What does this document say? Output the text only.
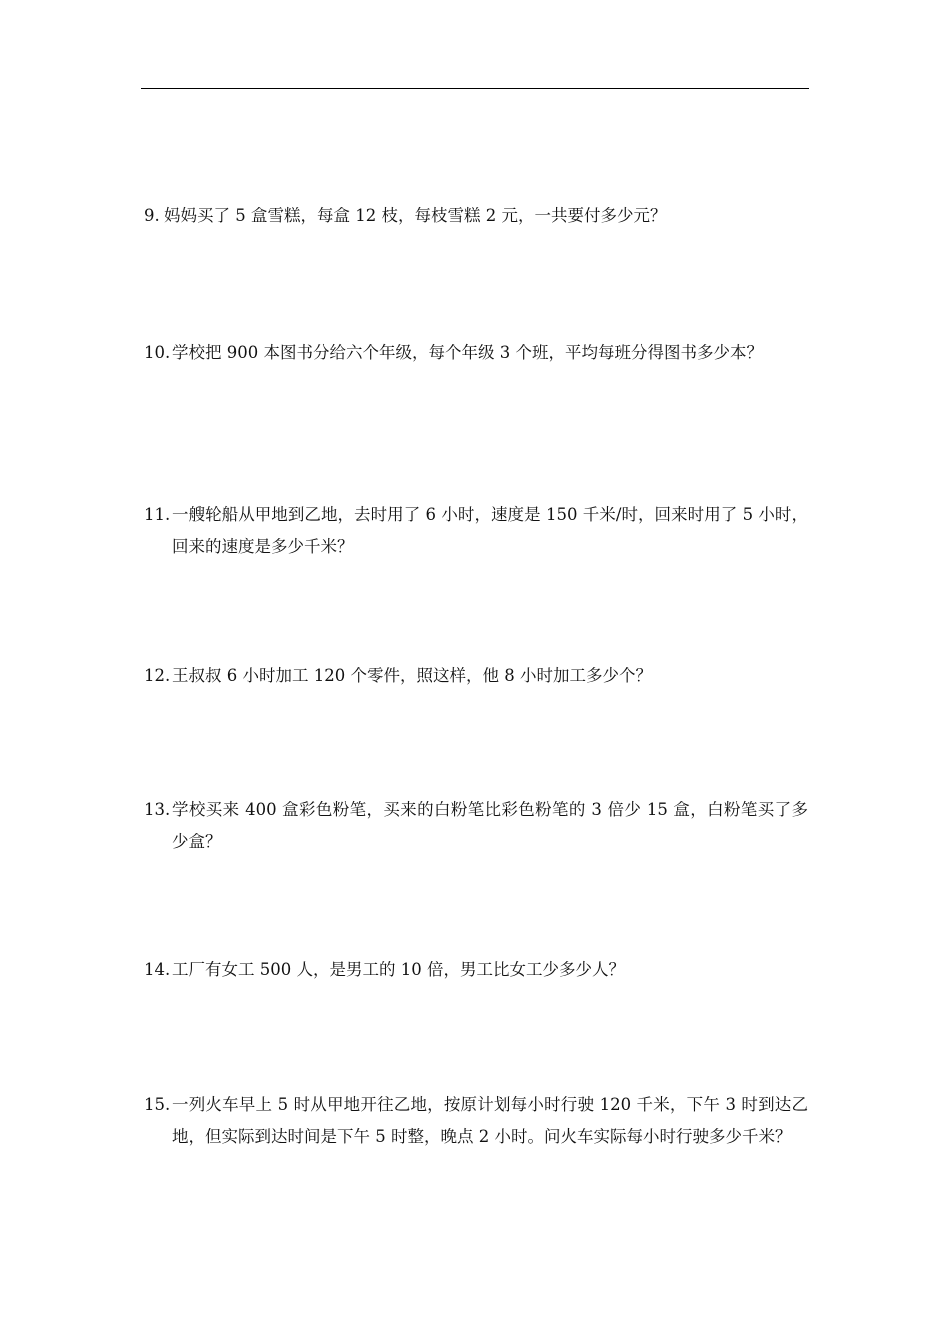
9. 妈妈买了 5 盒雪糕，每盒 12 枝，每枝雪糕 2 元，一共要付多少元？
10. 学校把 900 本图书分给六个年级，每个年级 3 个班，平均每班分得图书多少本？
11. 一艘轮船从甲地到乙地，去时用了 6 小时，速度是 150 千米/时，回来时用了 5 小时，回来的速度是多少千米？
12. 王叔叔 6 小时加工 120 个零件，照这样，他 8 小时加工多少个？
13. 学校买来 400 盒彩色粉笔，买来的白粉笔比彩色粉笔的 3 倍少 15 盒，白粉笔买了多少盒？
14. 工厂有女工 500 人，是男工的 10 倍，男工比女工少多少人？
15. 一列火车早上 5 时从甲地开往乙地，按原计划每小时行驶 120 千米，下午 3 时到达乙地，但实际到达时间是下午 5 时整，晚点 2 小时。问火车实际每小时行驶多少千米？
